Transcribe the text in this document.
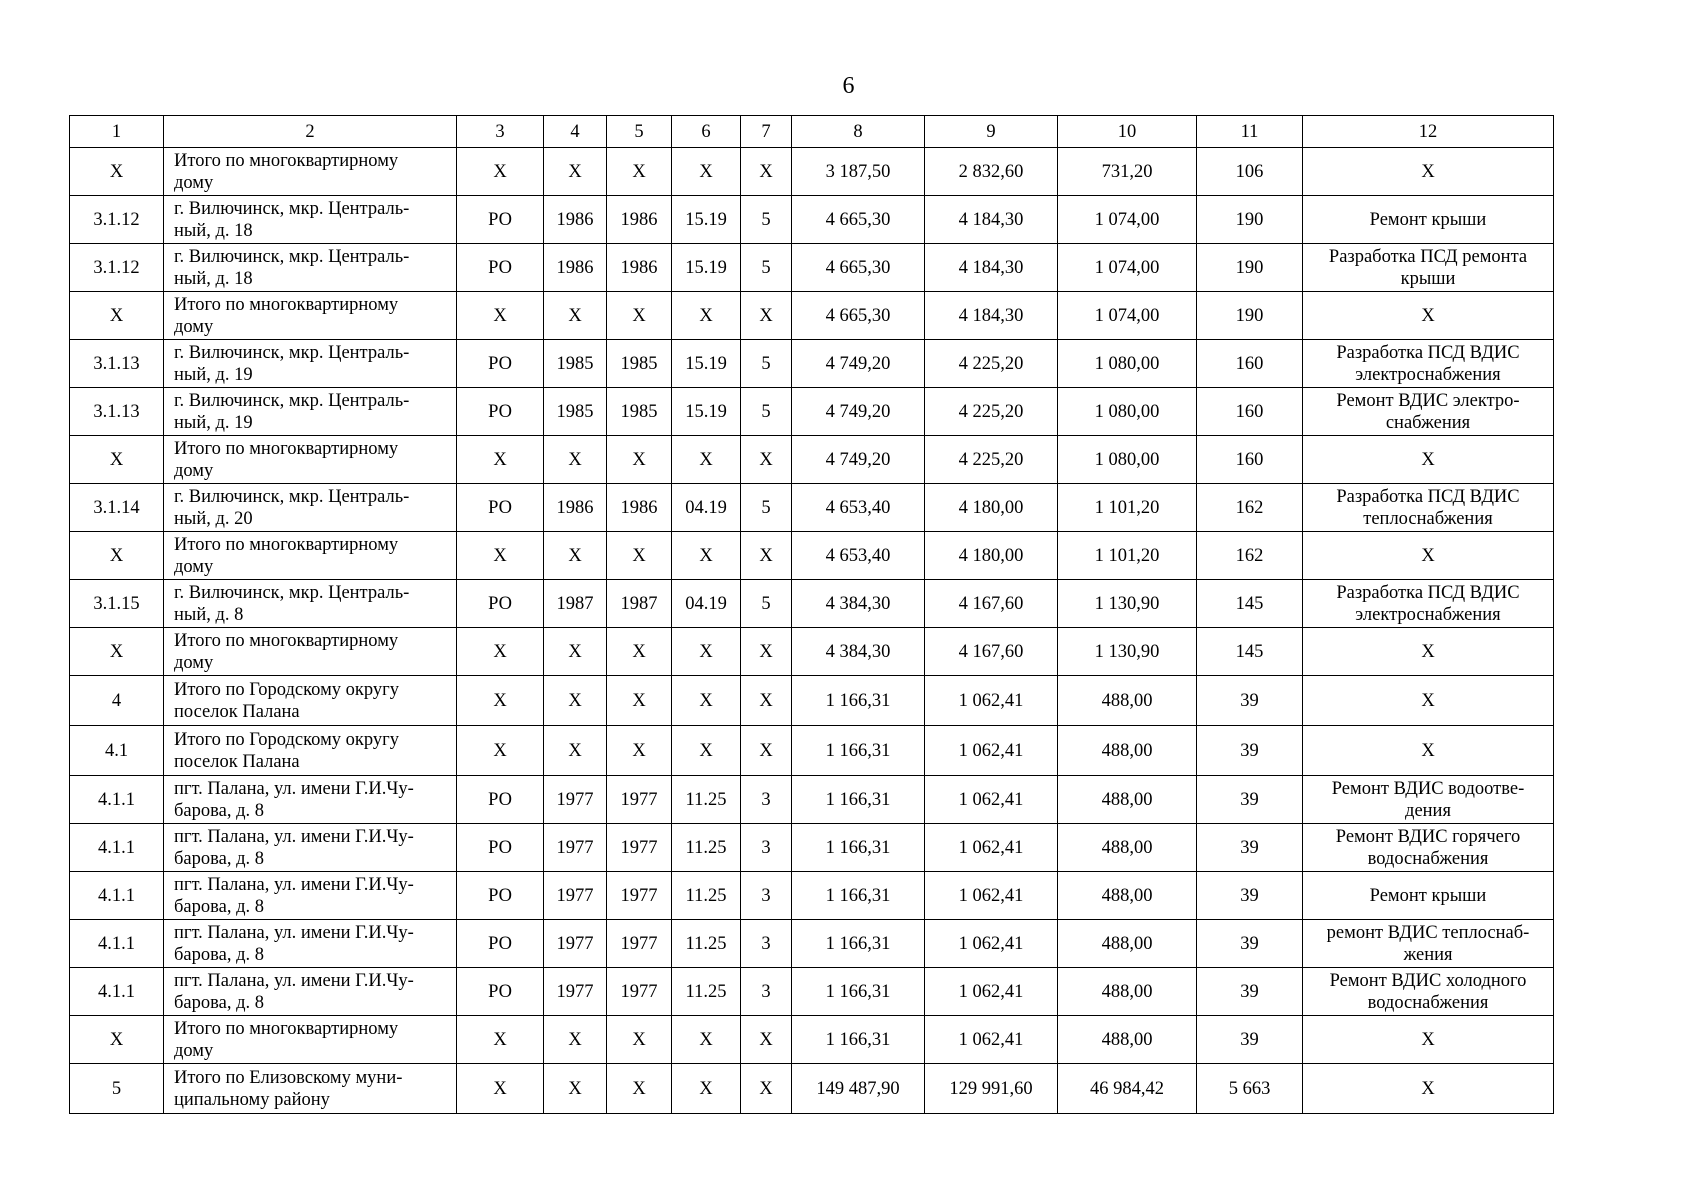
6
1	2	3	4	5	6	7	8	9	10	11	12
X	Итого по многоквартирному
дому	X	X	X	X	X	3 187,50	2 832,60	731,20	106	X
3.1.12	г. Вилючинск, мкр. Централь-
ный, д. 18	РО	1986	1986	15.19	5	4 665,30	4 184,30	1 074,00	190	Ремонт крыши
3.1.12	г. Вилючинск, мкр. Централь-
ный, д. 18	РО	1986	1986	15.19	5	4 665,30	4 184,30	1 074,00	190	Разработка ПСД ремонта
крыши
X	Итого по многоквартирному
дому	X	X	X	X	X	4 665,30	4 184,30	1 074,00	190	X
3.1.13	г. Вилючинск, мкр. Централь-
ный, д. 19	РО	1985	1985	15.19	5	4 749,20	4 225,20	1 080,00	160	Разработка ПСД ВДИС
электроснабжения
3.1.13	г. Вилючинск, мкр. Централь-
ный, д. 19	РО	1985	1985	15.19	5	4 749,20	4 225,20	1 080,00	160	Ремонт ВДИС электро-
снабжения
X	Итого по многоквартирному
дому	X	X	X	X	X	4 749,20	4 225,20	1 080,00	160	X
3.1.14	г. Вилючинск, мкр. Централь-
ный, д. 20	РО	1986	1986	04.19	5	4 653,40	4 180,00	1 101,20	162	Разработка ПСД ВДИС
теплоснабжения
X	Итого по многоквартирному
дому	X	X	X	X	X	4 653,40	4 180,00	1 101,20	162	X
3.1.15	г. Вилючинск, мкр. Централь-
ный, д. 8	РО	1987	1987	04.19	5	4 384,30	4 167,60	1 130,90	145	Разработка ПСД ВДИС
электроснабжения
X	Итого по многоквартирному
дому	X	X	X	X	X	4 384,30	4 167,60	1 130,90	145	X
4	Итого по Городскому округу
поселок Палана	X	X	X	X	X	1 166,31	1 062,41	488,00	39	X
4.1	Итого по Городскому округу
поселок Палана	X	X	X	X	X	1 166,31	1 062,41	488,00	39	X
4.1.1	пгт. Палана, ул. имени Г.И.Чу-
барова, д. 8	РО	1977	1977	11.25	3	1 166,31	1 062,41	488,00	39	Ремонт ВДИС водоотве-
дения
4.1.1	пгт. Палана, ул. имени Г.И.Чу-
барова, д. 8	РО	1977	1977	11.25	3	1 166,31	1 062,41	488,00	39	Ремонт ВДИС горячего
водоснабжения
4.1.1	пгт. Палана, ул. имени Г.И.Чу-
барова, д. 8	РО	1977	1977	11.25	3	1 166,31	1 062,41	488,00	39	Ремонт крыши
4.1.1	пгт. Палана, ул. имени Г.И.Чу-
барова, д. 8	РО	1977	1977	11.25	3	1 166,31	1 062,41	488,00	39	ремонт ВДИС теплоснаб-
жения
4.1.1	пгт. Палана, ул. имени Г.И.Чу-
барова, д. 8	РО	1977	1977	11.25	3	1 166,31	1 062,41	488,00	39	Ремонт ВДИС холодного
водоснабжения
X	Итого по многоквартирному
дому	X	X	X	X	X	1 166,31	1 062,41	488,00	39	X
5	Итого по Елизовскому муни-
ципальному району	X	X	X	X	X	149 487,90	129 991,60	46 984,42	5 663	X
